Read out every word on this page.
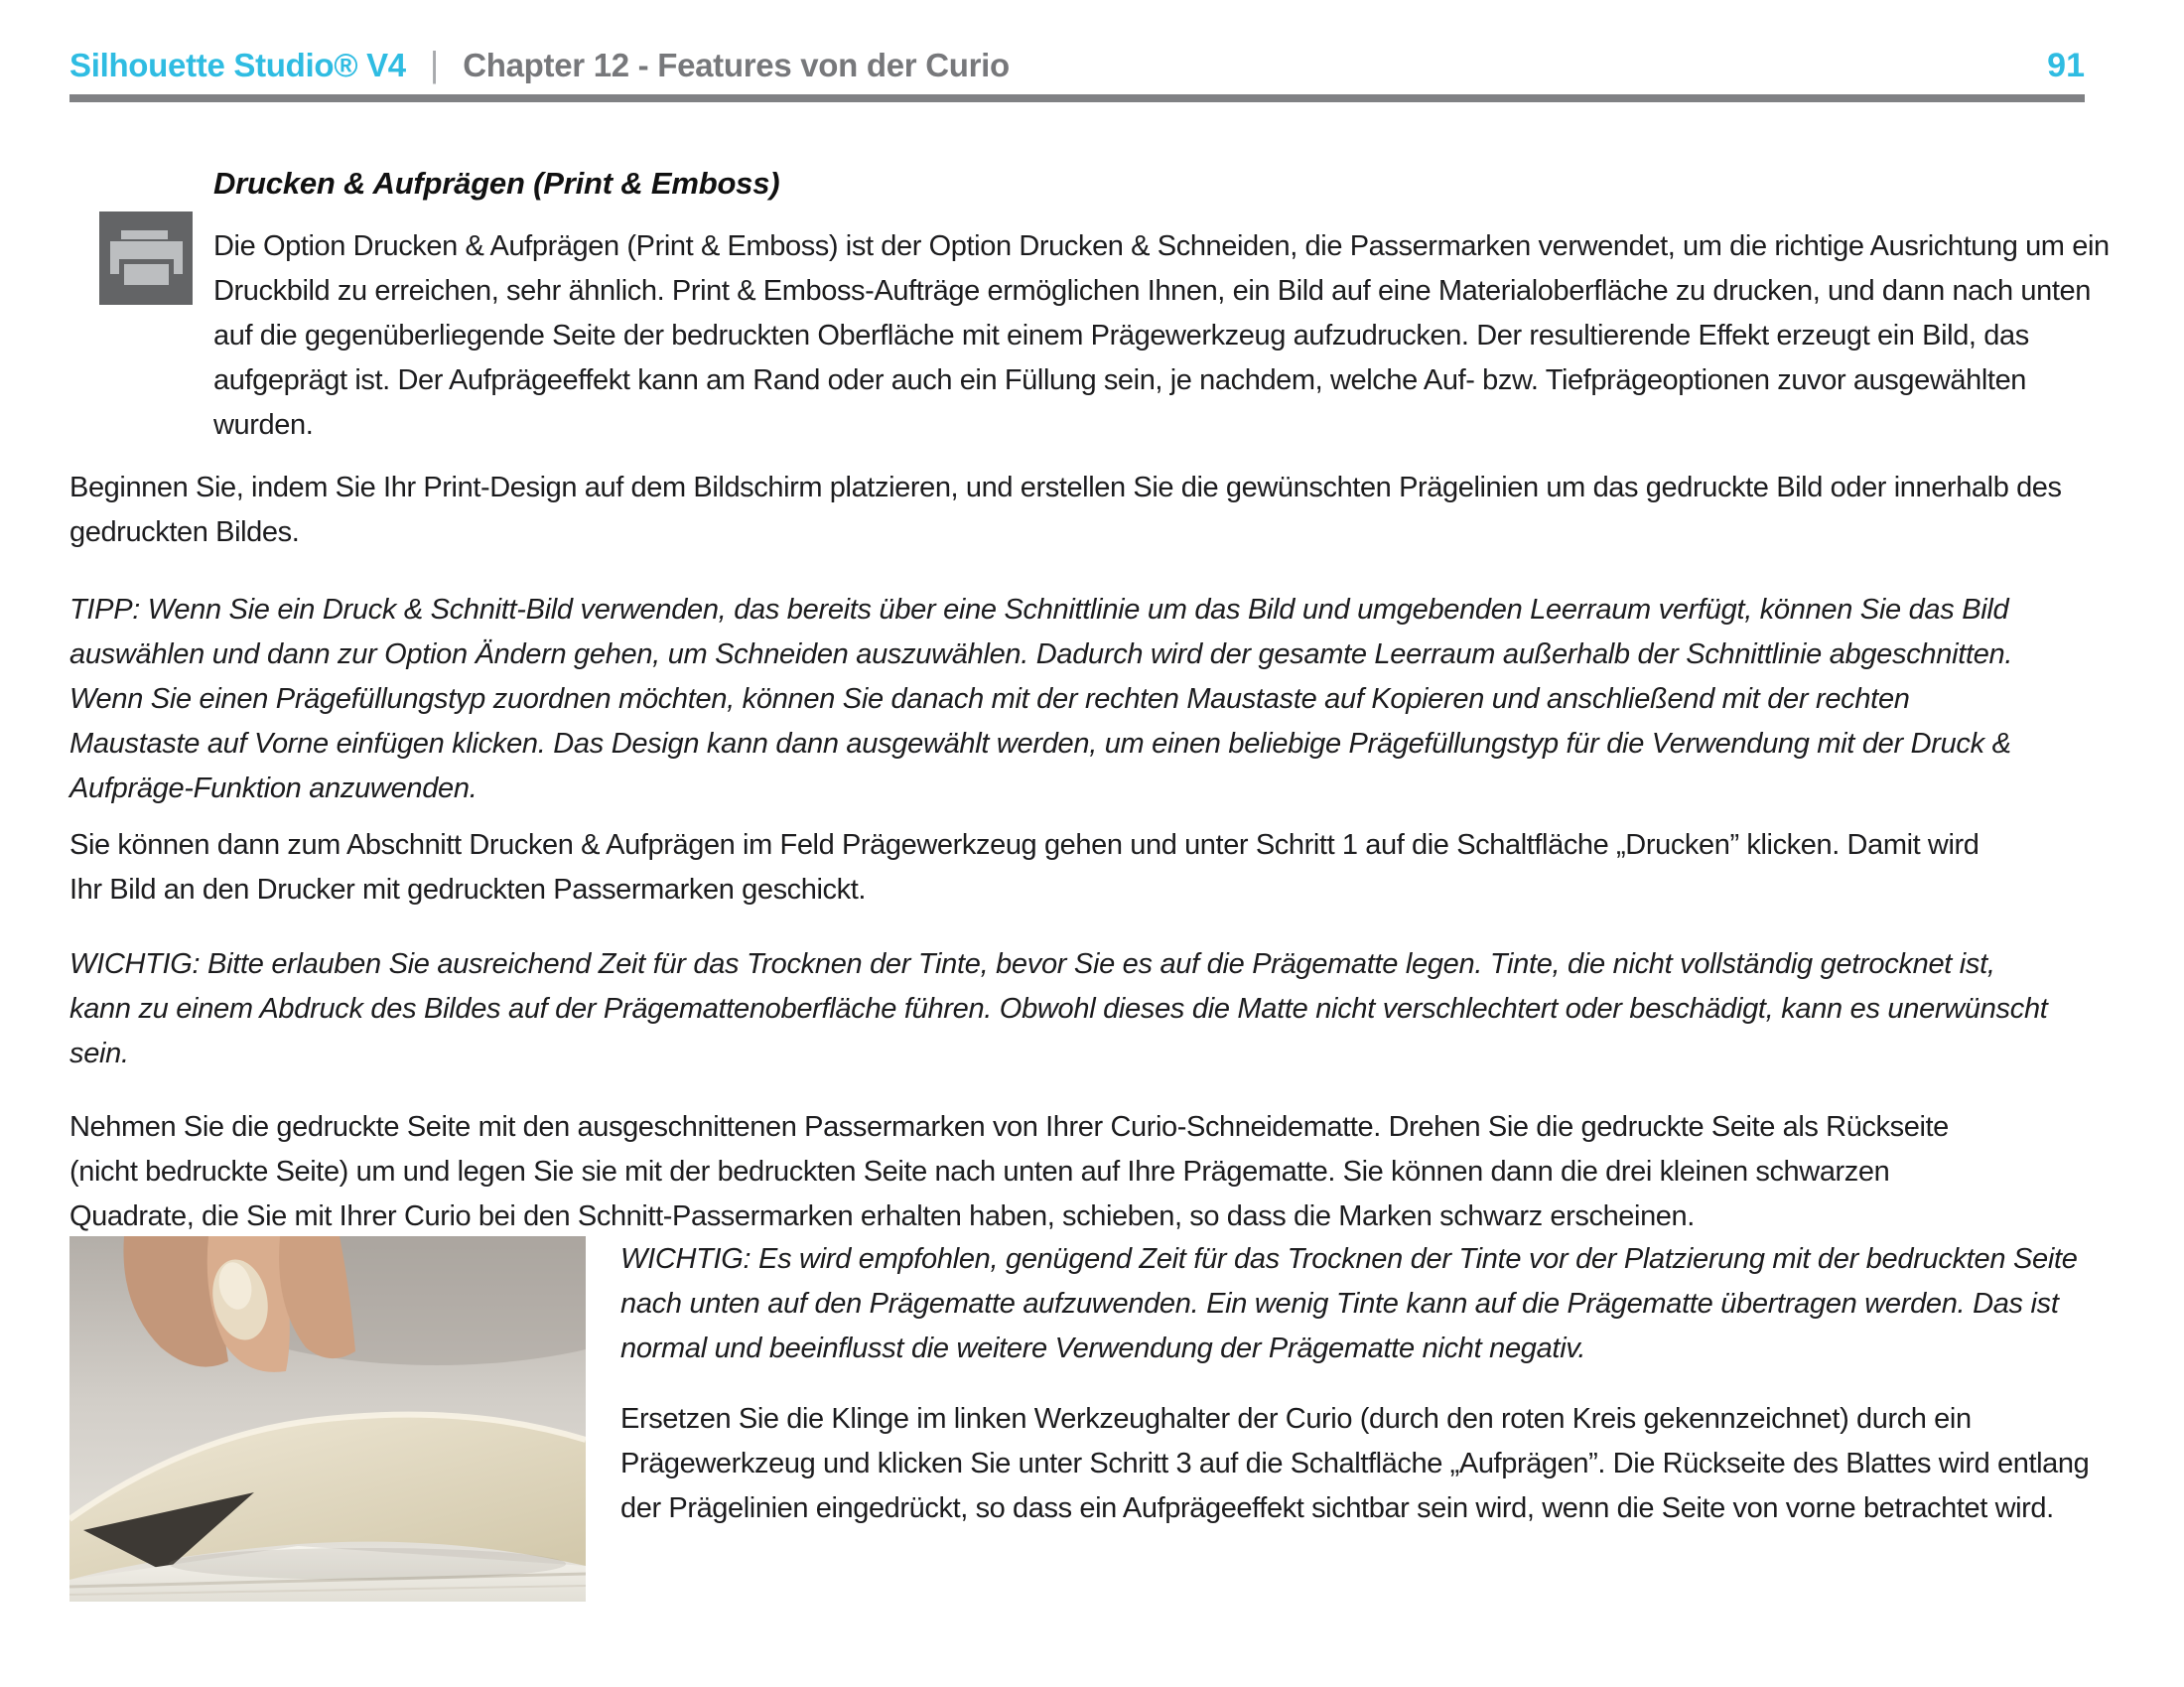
Silhouette Studio® V4 | Chapter 12 - Features von der Curio	91
Drucken & Aufprägen (Print & Emboss)

Die Option Drucken & Aufprägen (Print & Emboss) ist der Option Drucken & Schneiden, die Passermarken verwendet, um die richtige Ausrichtung um ein Druckbild zu erreichen, sehr ähnlich. Print & Emboss-Aufträge ermöglichen Ihnen, ein Bild auf eine Materialoberfläche zu drucken, und dann nach unten auf die gegenüberliegende Seite der bedruckten Oberfläche mit einem Prägewerkzeug aufzudrucken. Der resultierende Effekt erzeugt ein Bild, das aufgeprägt ist. Der Aufprägeeffekt kann am Rand oder auch ein Füllung sein, je nachdem, welche Auf- bzw. Tiefprägeoptionen zuvor ausgewählten wurden.

Beginnen Sie, indem Sie Ihr Print-Design auf dem Bildschirm platzieren, und erstellen Sie die gewünschten Prägelinien um das gedruckte Bild oder innerhalb des gedruckten Bildes.

TIPP: Wenn Sie ein Druck & Schnitt-Bild verwenden, das bereits über eine Schnittlinie um das Bild und umgebenden Leerraum verfügt, können Sie das Bild auswählen und dann zur Option Ändern gehen, um Schneiden auszuwählen. Dadurch wird der gesamte Leerraum außerhalb der Schnittlinie abgeschnitten. Wenn Sie einen Prägefüllungstyp zuordnen möchten, können Sie danach mit der rechten Maustaste auf Kopieren und anschließend mit der rechten Maustaste auf Vorne einfügen klicken. Das Design kann dann ausgewählt werden, um einen beliebige Prägefüllungstyp für die Verwendung mit der Druck & Aufpräge-Funktion anzuwenden.

Sie können dann zum Abschnitt Drucken & Aufprägen im Feld Prägewerkzeug gehen und unter Schritt 1 auf die Schaltfläche „Drucken” klicken. Damit wird Ihr Bild an den Drucker mit gedruckten Passermarken geschickt.

WICHTIG: Bitte erlauben Sie ausreichend Zeit für das Trocknen der Tinte, bevor Sie es auf die Prägematte legen. Tinte, die nicht vollständig getrocknet ist, kann zu einem Abdruck des Bildes auf der Prägemattenoberfläche führen. Obwohl dieses die Matte nicht verschlechtert oder beschädigt, kann es unerwünscht sein.

Nehmen Sie die gedruckte Seite mit den ausgeschnittenen Passermarken von Ihrer Curio-Schneidematte. Drehen Sie die gedruckte Seite als Rückseite (nicht bedruckte Seite) um und legen Sie sie mit der bedruckten Seite nach unten auf Ihre Prägematte. Sie können dann die drei kleinen schwarzen Quadrate, die Sie mit Ihrer Curio bei den Schnitt-Passermarken erhalten haben, schieben, so dass die Marken schwarz erscheinen.

WICHTIG: Es wird empfohlen, genügend Zeit für das Trocknen der Tinte vor der Platzierung mit der bedruckten Seite nach unten auf den Prägematte aufzuwenden. Ein wenig Tinte kann auf die Prägematte übertragen werden. Das ist normal und beeinflusst die weitere Verwendung der Prägematte nicht negativ.

Ersetzen Sie die Klinge im linken Werkzeughalter der Curio (durch den roten Kreis gekennzeichnet) durch ein Prägewerkzeug und klicken Sie unter Schritt 3 auf die Schaltfläche „Aufprägen”. Die Rückseite des Blattes wird entlang der Prägelinien eingedrückt, so dass ein Aufprägeeffekt sichtbar sein wird, wenn die Seite von vorne betrachtet wird.
